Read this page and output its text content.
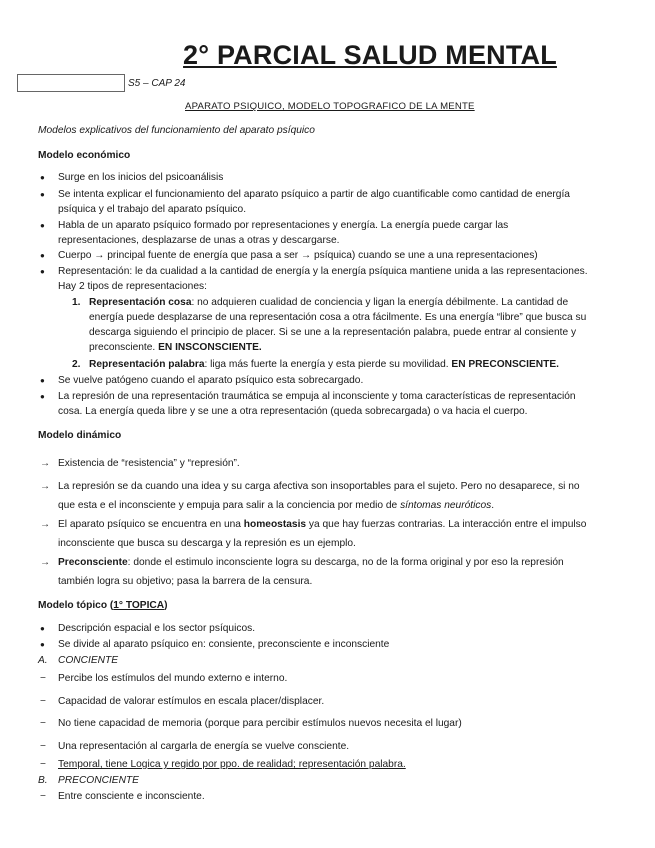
2° PARCIAL SALUD MENTAL
S5 – CAP 24
APARATO PSIQUICO, MODELO TOPOGRAFICO DE LA MENTE
Modelos explicativos del funcionamiento del aparato psíquico
Modelo económico
●
Surge en los inicios del psicoanálisis
●
Se intenta explicar el funcionamiento del aparato psíquico a partir de algo cuantificable como cantidad de energía
psíquica y el trabajo del aparato psíquico.
●
Habla de un aparato psíquico formado por representaciones y energía. La energía puede cargar las
representaciones, desplazarse de unas a otras y descargarse.
●
Cuerpo → principal fuente de energía que pasa a ser → psíquica) cuando se une a una representaciones)
●
Representación: le da cualidad a la cantidad de energía y la energía psíquica mantiene unida a las representaciones.
Hay 2 tipos de representaciones:
1. Representación cosa: no adquieren cualidad de conciencia y ligan la energía débilmente. La cantidad de
energía puede desplazarse de una representación cosa a otra fácilmente. Es una energía “libre” que busca su
descarga siguiendo el principio de placer. Si se une a la representación palabra, puede entrar al consiente y
preconsciente. EN INSCONSCIENTE.
2. Representación palabra: liga más fuerte la energía y esta pierde su movilidad. EN PRECONSCIENTE.
●
Se vuelve patógeno cuando el aparato psíquico esta sobrecargado.
●
La represión de una representación traumática se empuja al inconsciente y toma características de representación
cosa. La energía queda libre y se une a otra representación (queda sobrecargada) o va hacia el cuerpo.
Modelo dinámico
→ Existencia de “resistencia” y “represión”.
→ La represión se da cuando una idea y su carga afectiva son insoportables para el sujeto. Pero no desaparece, si no
que esta e el inconsciente y empuja para salir a la conciencia por medio de síntomas neuróticos.
→ El aparato psíquico se encuentra en una homeostasis ya que hay fuerzas contrarias. La interacción entre el impulso
inconsciente que busca su descarga y la represión es un ejemplo.
→ Preconsciente: donde el estimulo inconsciente logra su descarga, no de la forma original y por eso la represión
también logra su objetivo; pasa la barrera de la censura.
Modelo tópico (1° TOPICA)
●
Descripción espacial e los sector psíquicos.
●
Se divide al aparato psíquico en: consiente, preconsciente e inconsciente
A. CONCIENTE
−	Percibe los estímulos del mundo externo e interno.
−	Capacidad de valorar estímulos en escala placer/displacer.
−	No tiene capacidad de memoria (porque para percibir estímulos nuevos necesita el lugar)
−	Una representación al cargarla de energía se vuelve consciente.
−	Temporal, tiene Logica y regido por ppo. de realidad; representación palabra.
B. PRECONCIENTE
−	Entre consciente e inconsciente.
